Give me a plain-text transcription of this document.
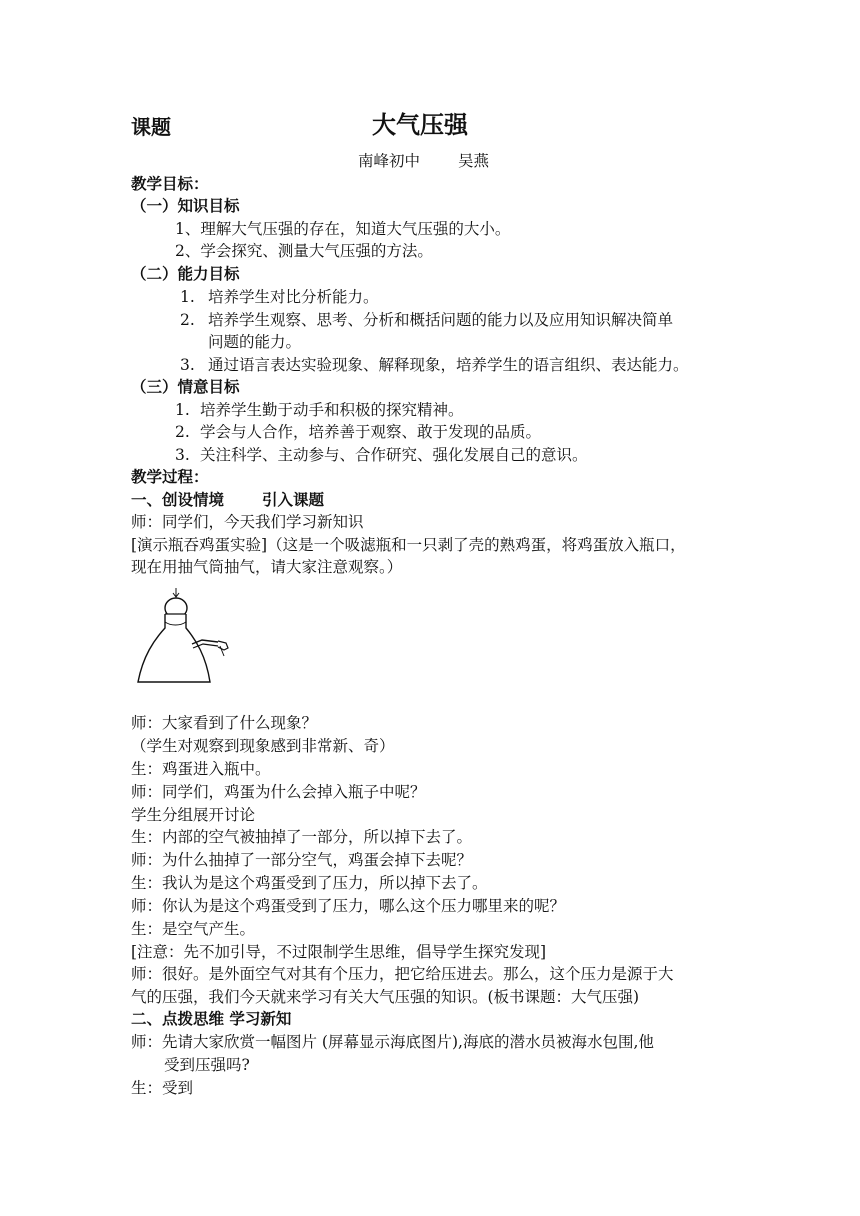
课题	大气压强
南峰初中 吴燕
教学目标：
（一）知识目标
1、理解大气压强的存在，知道大气压强的大小。
2、学会探究、测量大气压强的方法。
（二）能力目标
1. 培养学生对比分析能力。
2. 培养学生观察、思考、分析和概括问题的能力以及应用知识解决简单
问题的能力。
3. 通过语言表达实验现象、解释现象，培养学生的语言组织、表达能力。
（三）情意目标
1. 培养学生勤于动手和积极的探究精神。
2. 学会与人合作，培养善于观察、敢于发现的品质。
3. 关注科学、主动参与、合作研究、强化发展自己的意识。
教学过程：
一、创设情境 引入课题
师：同学们，今天我们学习新知识
[演示瓶吞鸡蛋实验]（这是一个吸滤瓶和一只剥了壳的熟鸡蛋，将鸡蛋放入瓶口，
现在用抽气筒抽气，请大家注意观察。）
师：大家看到了什么现象？
（学生对观察到现象感到非常新、奇）
生：鸡蛋进入瓶中。
师：同学们，鸡蛋为什么会掉入瓶子中呢？
学生分组展开讨论
生：内部的空气被抽掉了一部分，所以掉下去了。
师：为什么抽掉了一部分空气，鸡蛋会掉下去呢？
生：我认为是这个鸡蛋受到了压力，所以掉下去了。
师：你认为是这个鸡蛋受到了压力，哪么这个压力哪里来的呢？
生：是空气产生。
[注意：先不加引导，不过限制学生思维，倡导学生探究发现]
师：很好。是外面空气对其有个压力，把它给压进去。那么，这个压力是源于大
气的压强，我们今天就来学习有关大气压强的知识。(板书课题：大气压强)
二、点拨思维 学习新知
师：先请大家欣赏一幅图片 (屏幕显示海底图片),海底的潜水员被海水包围,他
受到压强吗?
生：受到
